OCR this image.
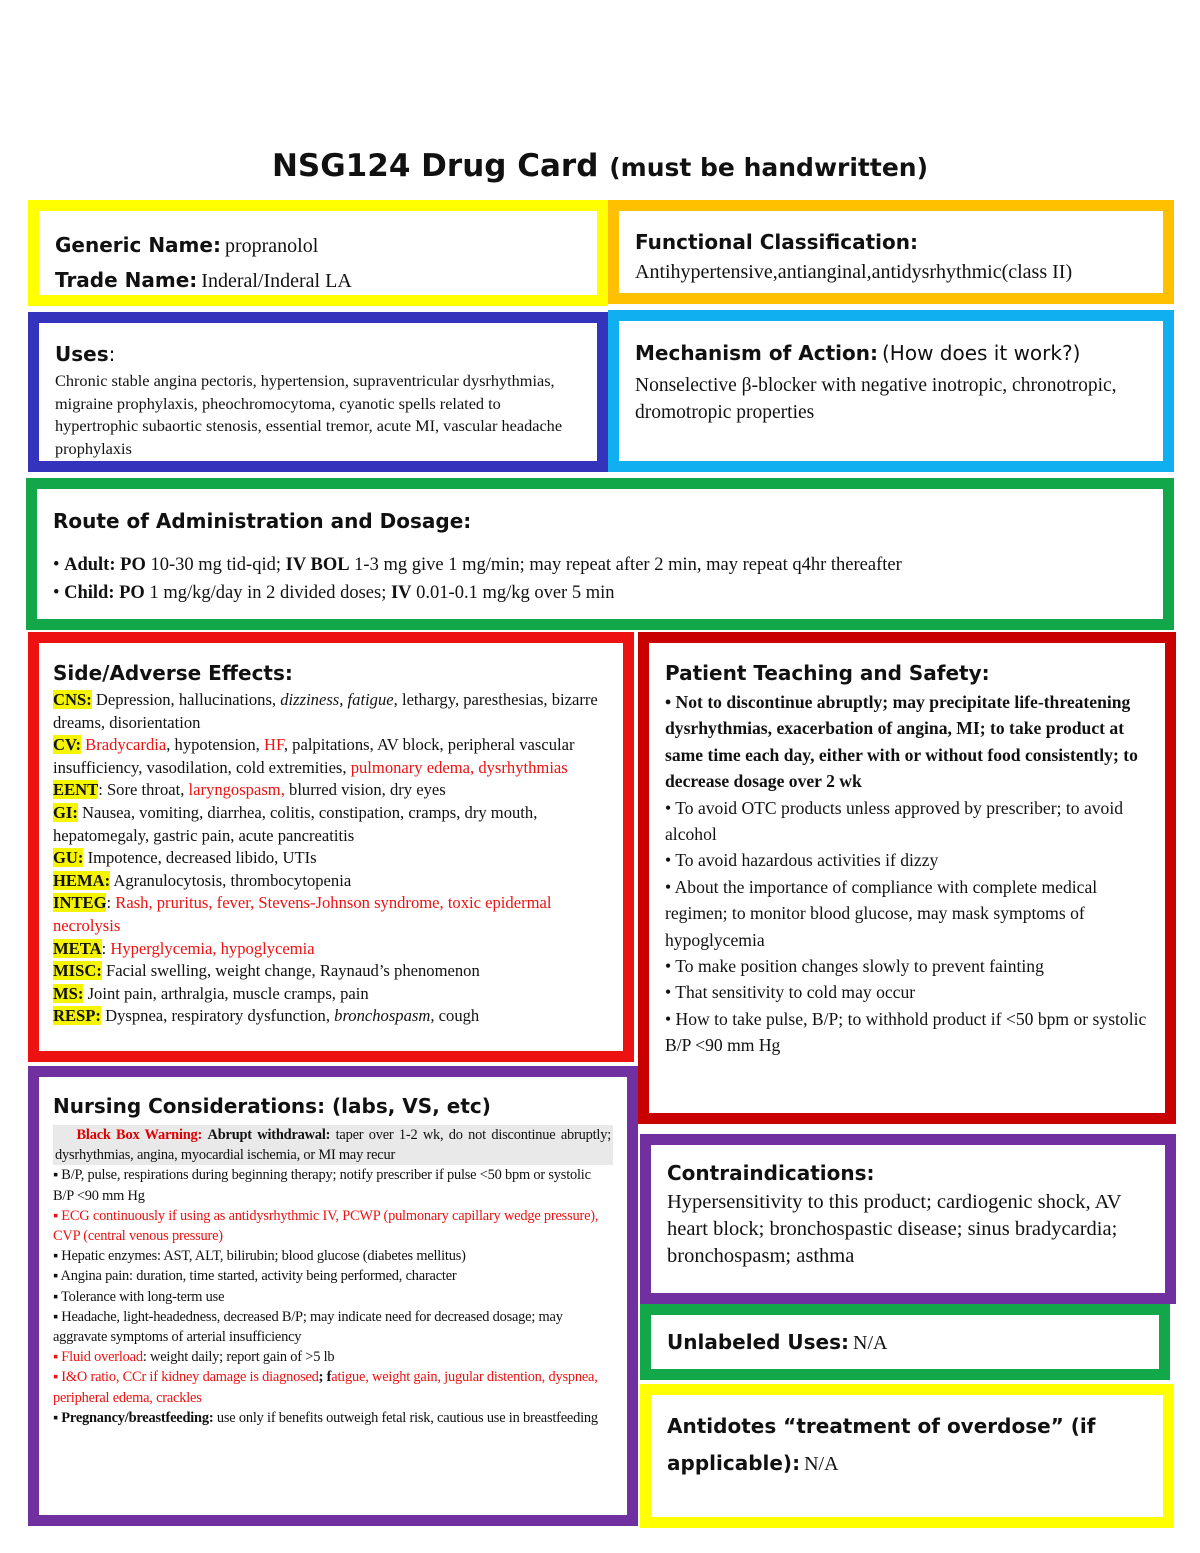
NSG124 Drug Card (must be handwritten)

Generic Name: propranolol

Trade Name: Inderal/Inderal LA

Functional Classification:

Antihypertensive,antianginal,antidysrhythmic(class II)

Uses:

Chronic stable angina pectoris, hypertension, supraventricular dysrhythmias, migraine prophylaxis, pheochromocytoma, cyanotic spells related to hypertrophic subaortic stenosis, essential tremor, acute MI, vascular headache prophylaxis

Mechanism of Action: (How does it work?)

Nonselective β-blocker with negative inotropic, chronotropic, dromotropic properties

Route of Administration and Dosage:

• Adult: PO 10-30 mg tid-qid; IV BOL 1-3 mg give 1 mg/min; may repeat after 2 min, may repeat q4hr thereafter
• Child: PO 1 mg/kg/day in 2 divided doses; IV 0.01-0.1 mg/kg over 5 min

Side/Adverse Effects:

CNS: Depression, hallucinations, dizziness, fatigue, lethargy, paresthesias, bizarre dreams, disorientation

CV: Bradycardia, hypotension, HF, palpitations, AV block, peripheral vascular insufficiency, vasodilation, cold extremities, pulmonary edema, dysrhythmias

EENT: Sore throat, laryngospasm, blurred vision, dry eyes

GI: Nausea, vomiting, diarrhea, colitis, constipation, cramps, dry mouth, hepatomegaly, gastric pain, acute pancreatitis

GU: Impotence, decreased libido, UTIs

HEMA: Agranulocytosis, thrombocytopenia

INTEG: Rash, pruritus, fever, Stevens-Johnson syndrome, toxic epidermal necrolysis

META: Hyperglycemia, hypoglycemia

MISC: Facial swelling, weight change, Raynaud’s phenomenon

MS: Joint pain, arthralgia, muscle cramps, pain

RESP: Dyspnea, respiratory dysfunction, bronchospasm, cough

Patient Teaching and Safety:

• Not to discontinue abruptly; may precipitate life-threatening dysrhythmias, exacerbation of angina, MI; to take product at same time each day, either with or without food consistently; to decrease dosage over 2 wk

• To avoid OTC products unless approved by prescriber; to avoid alcohol

• To avoid hazardous activities if dizzy

• About the importance of compliance with complete medical regimen; to monitor blood glucose, may mask symptoms of hypoglycemia

• To make position changes slowly to prevent fainting

• That sensitivity to cold may occur

• How to take pulse, B/P; to withhold product if <50 bpm or systolic B/P <90 mm Hg

Nursing Considerations: (labs, VS, etc)

Black Box Warning: Abrupt withdrawal: taper over 1-2 wk, do not discontinue abruptly; dysrhythmias, angina, myocardial ischemia, or MI may recur

▪ B/P, pulse, respirations during beginning therapy; notify prescriber if pulse <50 bpm or systolic B/P <90 mm Hg

▪ ECG continuously if using as antidysrhythmic IV, PCWP (pulmonary capillary wedge pressure), CVP (central venous pressure)

▪ Hepatic enzymes: AST, ALT, bilirubin; blood glucose (diabetes mellitus)

▪ Angina pain: duration, time started, activity being performed, character

▪ Tolerance with long-term use

▪ Headache, light-headedness, decreased B/P; may indicate need for decreased dosage; may aggravate symptoms of arterial insufficiency

▪ Fluid overload: weight daily; report gain of >5 lb

▪ I&O ratio, CCr if kidney damage is diagnosed; fatigue, weight gain, jugular distention, dyspnea, peripheral edema, crackles

▪ Pregnancy/breastfeeding: use only if benefits outweigh fetal risk, cautious use in breastfeeding

Contraindications:

Hypersensitivity to this product; cardiogenic shock, AV heart block; bronchospastic disease; sinus bradycardia; bronchospasm; asthma

Unlabeled Uses: N/A

Antidotes “treatment of overdose” (if applicable): N/A
